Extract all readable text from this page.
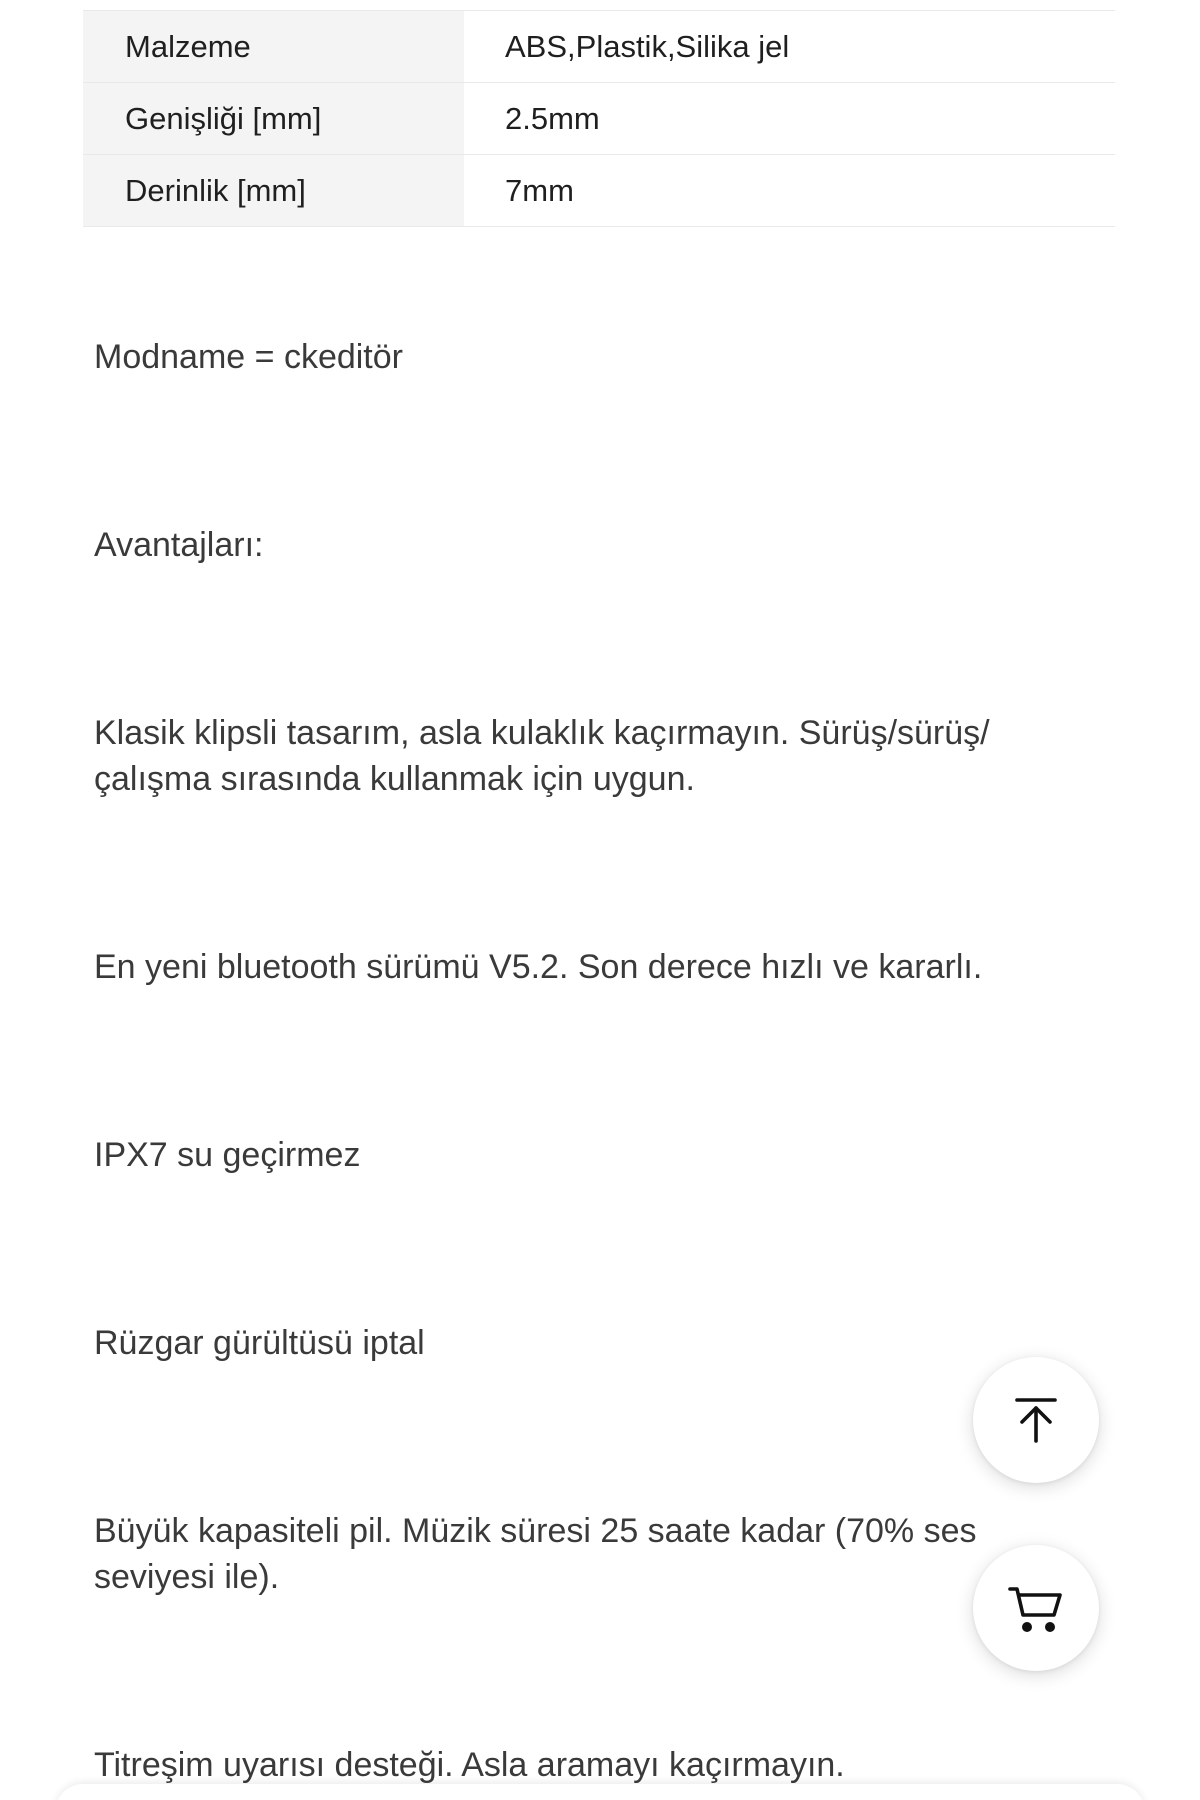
Malzeme	ABS,Plastik,Silika jel
Genişliği [mm]	2.5mm
Derinlik [mm]	7mm

Modname = ckeditör

Avantajları:

Klasik klipsli tasarım, asla kulaklık kaçırmayın. Sürüş/sürüş/ çalışma sırasında kullanmak için uygun.

En yeni bluetooth sürümü V5.2. Son derece hızlı ve kararlı.

IPX7 su geçirmez

Rüzgar gürültüsü iptal

Büyük kapasiteli pil. Müzik süresi 25 saate kadar (70% ses seviyesi ile).

Titreşim uyarısı desteği. Asla aramayı kaçırmayın.
